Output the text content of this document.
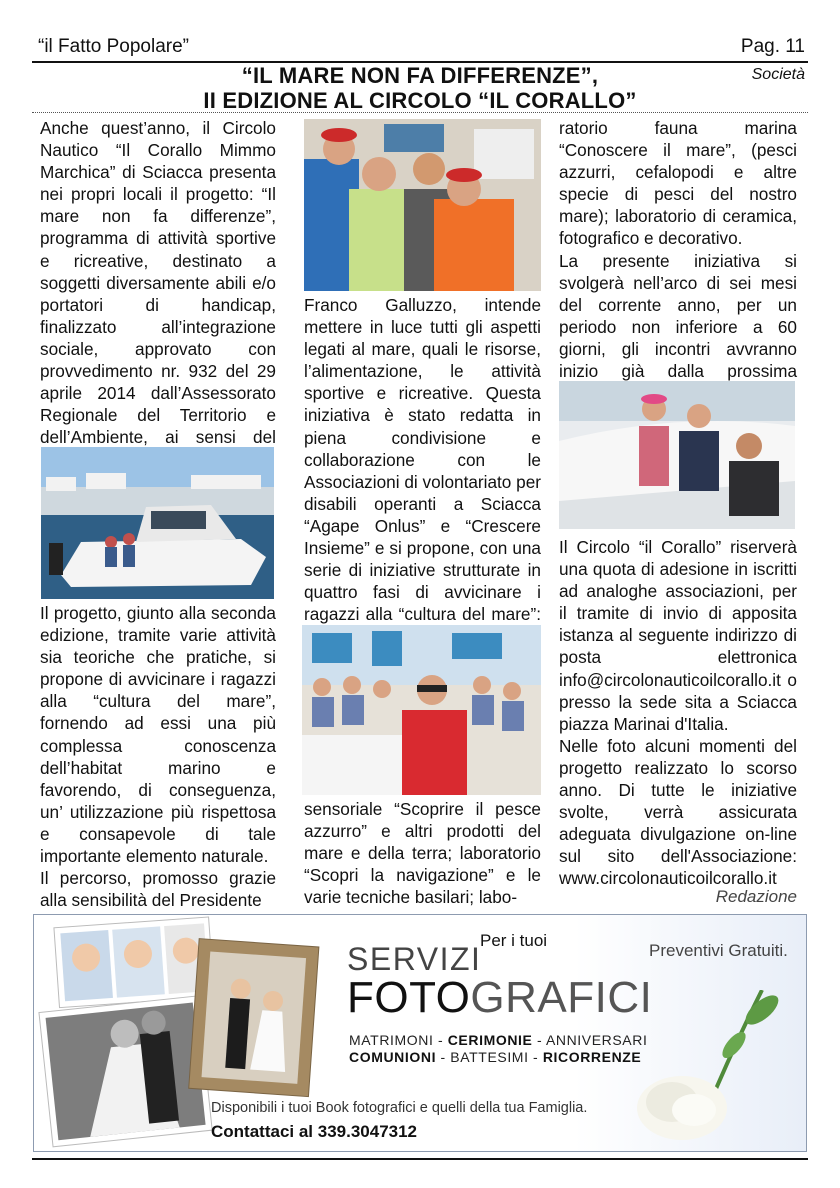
“il Fatto Popolare”	Pag. 11
“IL MARE NON FA DIFFERENZE”,
II EDIZIONE AL CIRCOLO “IL CORALLO”
Società

Anche quest’anno, il Circolo Nautico “Il Corallo Mimmo Marchica” di Sciacca presenta nei propri locali il progetto: “Il mare non fa differenze”, programma di attività sportive e ricreative, destinato a soggetti diversamente abili e/o portatori di handicap, finalizzato all’integrazione sociale, approvato con provvedimento nr. 932 del 29 aprile 2014 dall’Assessorato Regionale del Territorio e dell’Ambiente, ai sensi del

Il progetto, giunto alla seconda edizione, tramite varie attività sia teoriche che pratiche, si propone di avvicinare i ragazzi alla “cultura del mare”, fornendo ad essi una più complessa conoscenza dell’habitat marino e favorendo, di conseguenza, un’ utilizzazione più rispettosa e consapevole di tale importante elemento naturale.

Il percorso, promosso grazie alla sensibilità del Presidente

Franco Galluzzo, intende mettere in luce tutti gli aspetti legati al mare, quali le risorse, l’alimentazione, le attività sportive e ricreative. Questa iniziativa è stato redatta in piena condivisione e collaborazione con le Associazioni di volontariato per disabili operanti a Sciacca “Agape Onlus” e “Crescere Insieme” e si propone, con una serie di iniziative strutturate in quattro fasi di avvicinare i ragazzi alla “cultura del mare”:

sensoriale “Scoprire il pesce azzurro” e altri prodotti del mare e della terra; laboratorio “Scopri la navigazione” e le varie tecniche basilari; labo-

ratorio fauna marina “Conoscere il mare”, (pesci azzurri, cefalopodi e altre specie di pesci del nostro mare); laboratorio di ceramica, fotografico e decorativo.

La presente iniziativa si svolgerà nell’arco di sei mesi del corrente anno, per un periodo non inferiore a 60 giorni, gli incontri avvranno inizio già dalla prossima

Il Circolo “il Corallo” riserverà una quota di adesione in iscritti ad analoghe associazioni, per il tramite di invio di apposita istanza al seguente indirizzo di posta elettronica info@circolonauticoilcorallo.it o presso la sede sita a Sciacca piazza Marinai d'Italia.

Nelle foto alcuni momenti del progetto realizzato lo scorso anno. Di tutte le iniziative svolte, verrà assicurata adeguata divulgazione on-line sul sito dell'Associazione: www.circolonauticoilcorallo.it

Redazione
Per i tuoi
Preventivi Gratuiti.
SERVIZI
FOTOGRAFICI
MATRIMONI - CERIMONIE - ANNIVERSARI
COMUNIONI - BATTESIMI - RICORRENZE
Disponibili i tuoi Book fotografici e quelli della tua Famiglia.
Contattaci al 339.3047312
